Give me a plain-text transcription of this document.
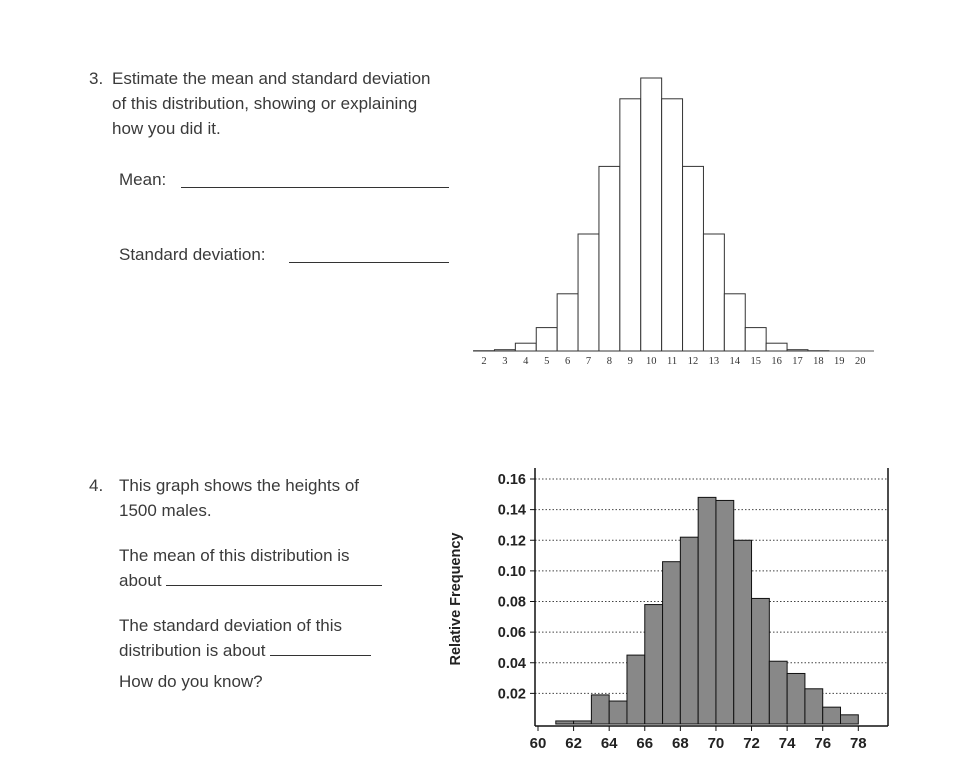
3. Estimate the mean and standard deviation
of this distribution, showing or explaining
how you did it.
Mean:
Standard deviation:
2 3 4 5 6 7 8 9 10 11 12 13 14 15 16 17 18 19 20
4. This graph shows the heights of
1500 males.
The mean of this distribution is
about
The standard deviation of this
distribution is about
How do you know?
0.02
0.04
0.06
0.08
0.10
0.12
0.14
0.16
60 62 64 66 68 70 72 74 76 78
Relative Frequency
